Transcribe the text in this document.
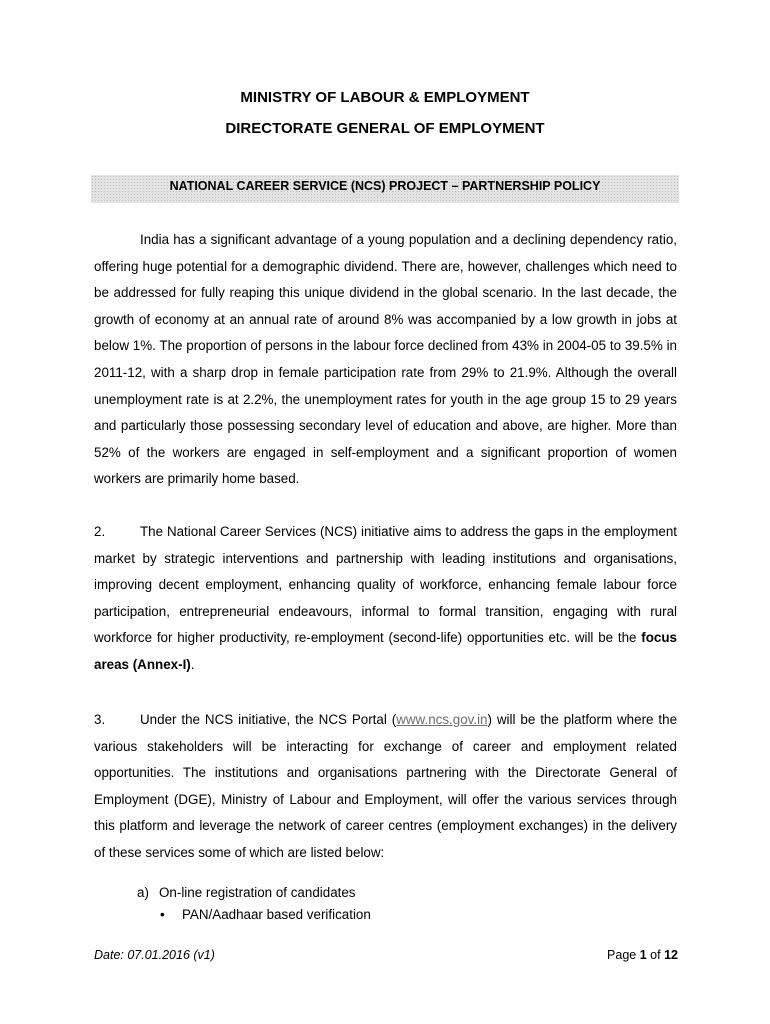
MINISTRY OF LABOUR & EMPLOYMENT
DIRECTORATE GENERAL OF EMPLOYMENT
NATIONAL CAREER SERVICE (NCS) PROJECT – PARTNERSHIP POLICY

India has a significant advantage of a young population and a declining dependency ratio, offering huge potential for a demographic dividend. There are, however, challenges which need to be addressed for fully reaping this unique dividend in the global scenario. In the last decade, the growth of economy at an annual rate of around 8% was accompanied by a low growth in jobs at below 1%. The proportion of persons in the labour force declined from 43% in 2004-05 to 39.5% in 2011-12, with a sharp drop in female participation rate from 29% to 21.9%. Although the overall unemployment rate is at 2.2%, the unemployment rates for youth in the age group 15 to 29 years and particularly those possessing secondary level of education and above, are higher. More than 52% of the workers are engaged in self-employment and a significant proportion of women workers are primarily home based.

2.	The National Career Services (NCS) initiative aims to address the gaps in the employment market by strategic interventions and partnership with leading institutions and organisations, improving decent employment, enhancing quality of workforce, enhancing female labour force participation, entrepreneurial endeavours, informal to formal transition, engaging with rural workforce for higher productivity, re-employment (second-life) opportunities etc. will be the focus areas (Annex-I).

3.	Under the NCS initiative, the NCS Portal (www.ncs.gov.in) will be the platform where the various stakeholders will be interacting for exchange of career and employment related opportunities. The institutions and organisations partnering with the Directorate General of Employment (DGE), Ministry of Labour and Employment, will offer the various services through this platform and leverage the network of career centres (employment exchanges) in the delivery of these services some of which are listed below:

a) On-line registration of candidates
• PAN/Aadhaar based verification
Date: 07.01.2016 (v1)	Page 1 of 12
